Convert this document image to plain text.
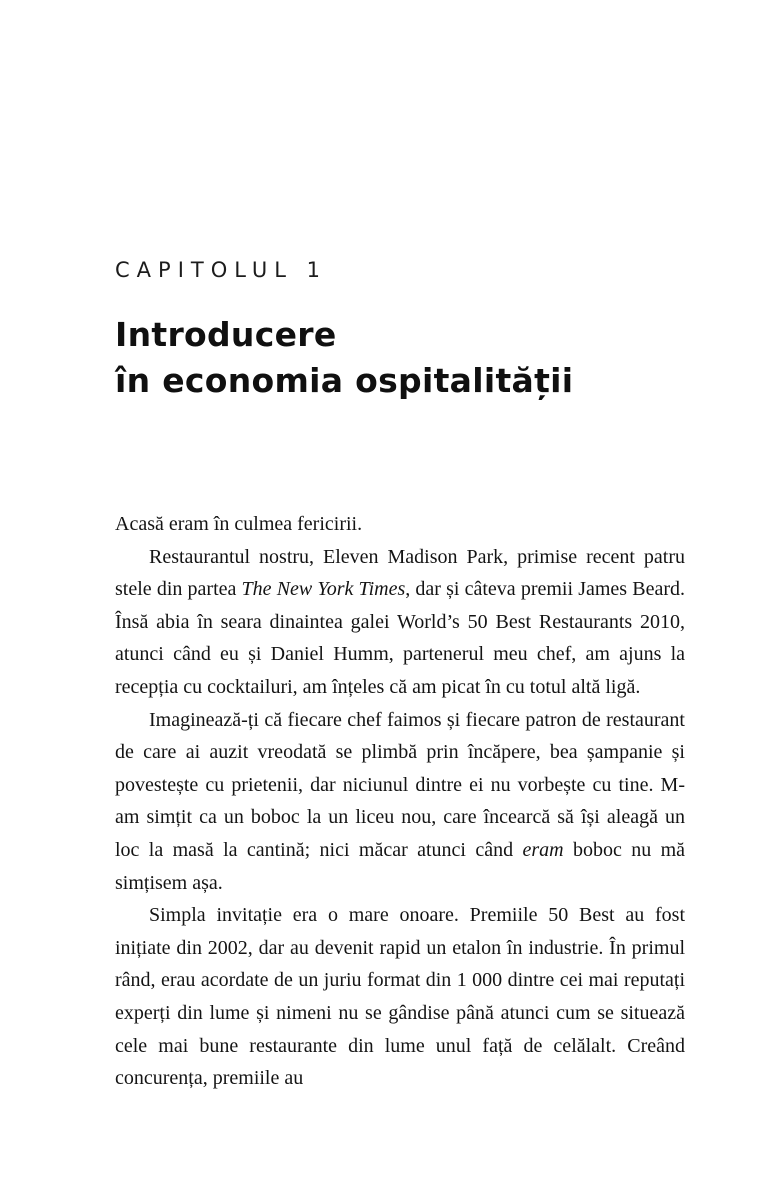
CAPITOLUL 1
Introducere
în economia ospitalității

Acasă eram în culmea fericirii.

Restaurantul nostru, Eleven Madison Park, primise recent patru stele din partea The New York Times, dar și câteva premii James Beard. Însă abia în seara dinaintea galei World’s 50 Best Restaurants 2010, atunci când eu și Daniel Humm, partenerul meu chef, am ajuns la recepția cu cocktailuri, am înțeles că am picat în cu totul altă ligă.

Imaginează-ți că fiecare chef faimos și fiecare patron de restaurant de care ai auzit vreodată se plimbă prin încăpere, bea șampanie și povestește cu prietenii, dar niciunul dintre ei nu vorbește cu tine. M-am simțit ca un boboc la un liceu nou, care încearcă să își aleagă un loc la masă la cantină; nici măcar atunci când eram boboc nu mă simțisem așa.

Simpla invitație era o mare onoare. Premiile 50 Best au fost inițiate din 2002, dar au devenit rapid un etalon în industrie. În primul rând, erau acordate de un juriu format din 1 000 dintre cei mai reputați experți din lume și nimeni nu se gândise până atunci cum se situează cele mai bune restaurante din lume unul față de celălalt. Creând concurența, premiile au
